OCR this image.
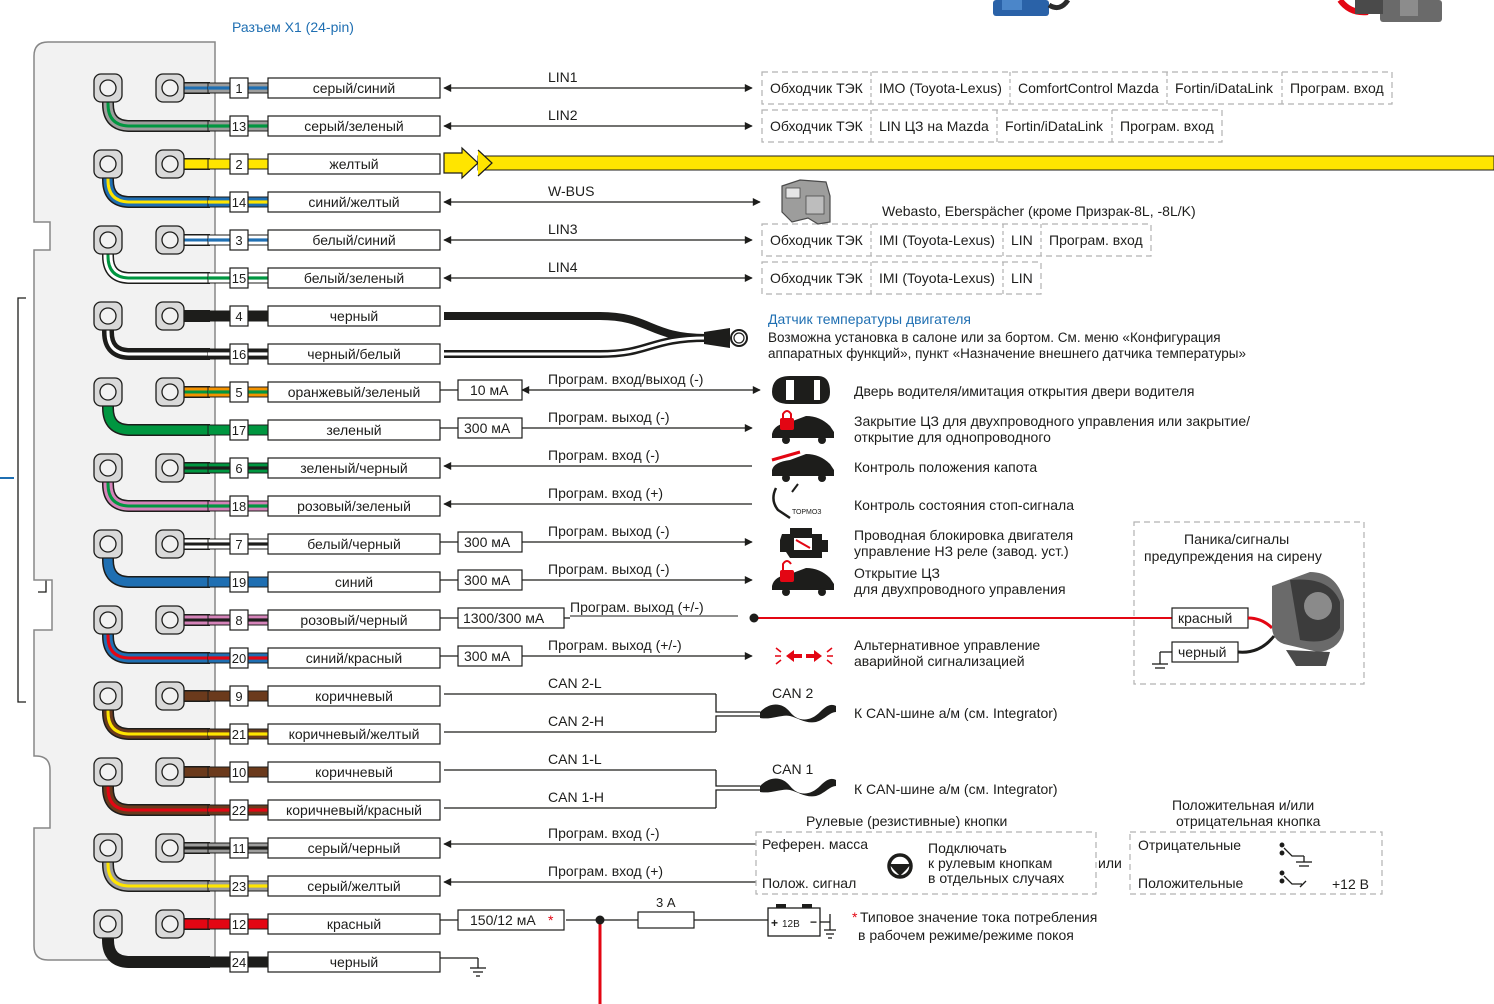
Разъем X1 (24-pin)
1	серый/синий
13	серый/зеленый
2	желтый
14	синий/желтый
3	белый/синий
15	белый/зеленый
4	черный
16	черный/белый
5	оранжевый/зеленый
17	зеленый
6	зеленый/черный
18	розовый/зеленый
7	белый/черный
19	синий
8	розовый/черный
20	синий/красный
9	коричневый
21	коричневый/желтый
10	коричневый
22	коричневый/красный
11	серый/черный
23	серый/желтый
12	красный
24	черный
Обходчик ТЭК IMO (Toyota-Lexus) ComfortControl Mazda Fortin/iDataLink Програм. вход
Обходчик ТЭК LIN ЦЗ на Mazda Fortin/iDataLink Програм. вход
Обходчик ТЭК IMI (Toyota-Lexus) LIN Програм. вход
Обходчик ТЭК IMI (Toyota-Lexus) LIN
LIN1
LIN2
W-BUS
LIN3
LIN4
Програм. вход/выход (-)
Програм. выход (-)
Програм. вход (-)
Програм. вход (+)
Програм. выход (-)
Програм. выход (-)
Програм. выход (+/-)
Програм. выход (+/-)
CAN 2-L
CAN 2-H
CAN 1-L
CAN 1-H
Програм. вход (-)
Програм. вход (+)
3 А
+ 12В −
Webasto, Eberspächer (кроме Призрак-8L, -8L/K)
Датчик температуры двигателя
Возможна установка в салоне или за бортом. См. меню «Конфигурация
аппаратных функций», пункт «Назначение внешнего датчика температуры»
Дверь водителя/имитация открытия двери водителя
Закрытие ЦЗ для двухпроводного управления или закрытие/
открытие для однопроводного
Контроль положения капота
Контроль состояния стоп-сигнала
Проводная блокировка двигателя
управление НЗ реле (завод. уст.)
Открытие ЦЗ
для двухпроводного управления
Альтернативное управление
аварийной сигнализацией
CAN 2
К CAN-шине а/м (см. Integrator)
CAN 1
К CAN-шине а/м (см. Integrator)
ТОРМОЗ
Паника/сигналы
предупреждения на сирену
красный
черный
Рулевые (резистивные) кнопки
Референ. масса
Полож. сигнал
Подключать
к рулевым кнопкам
в отдельных случаях
или
Положительная и/или
отрицательная кнопка
Отрицательные
Положительные	+12 В
* Типовое значение тока потребления
в рабочем режиме/режиме покоя
10 мА
300 мА
300 мА
300 мА
1300/300 мА
300 мА
150/12 мА *
